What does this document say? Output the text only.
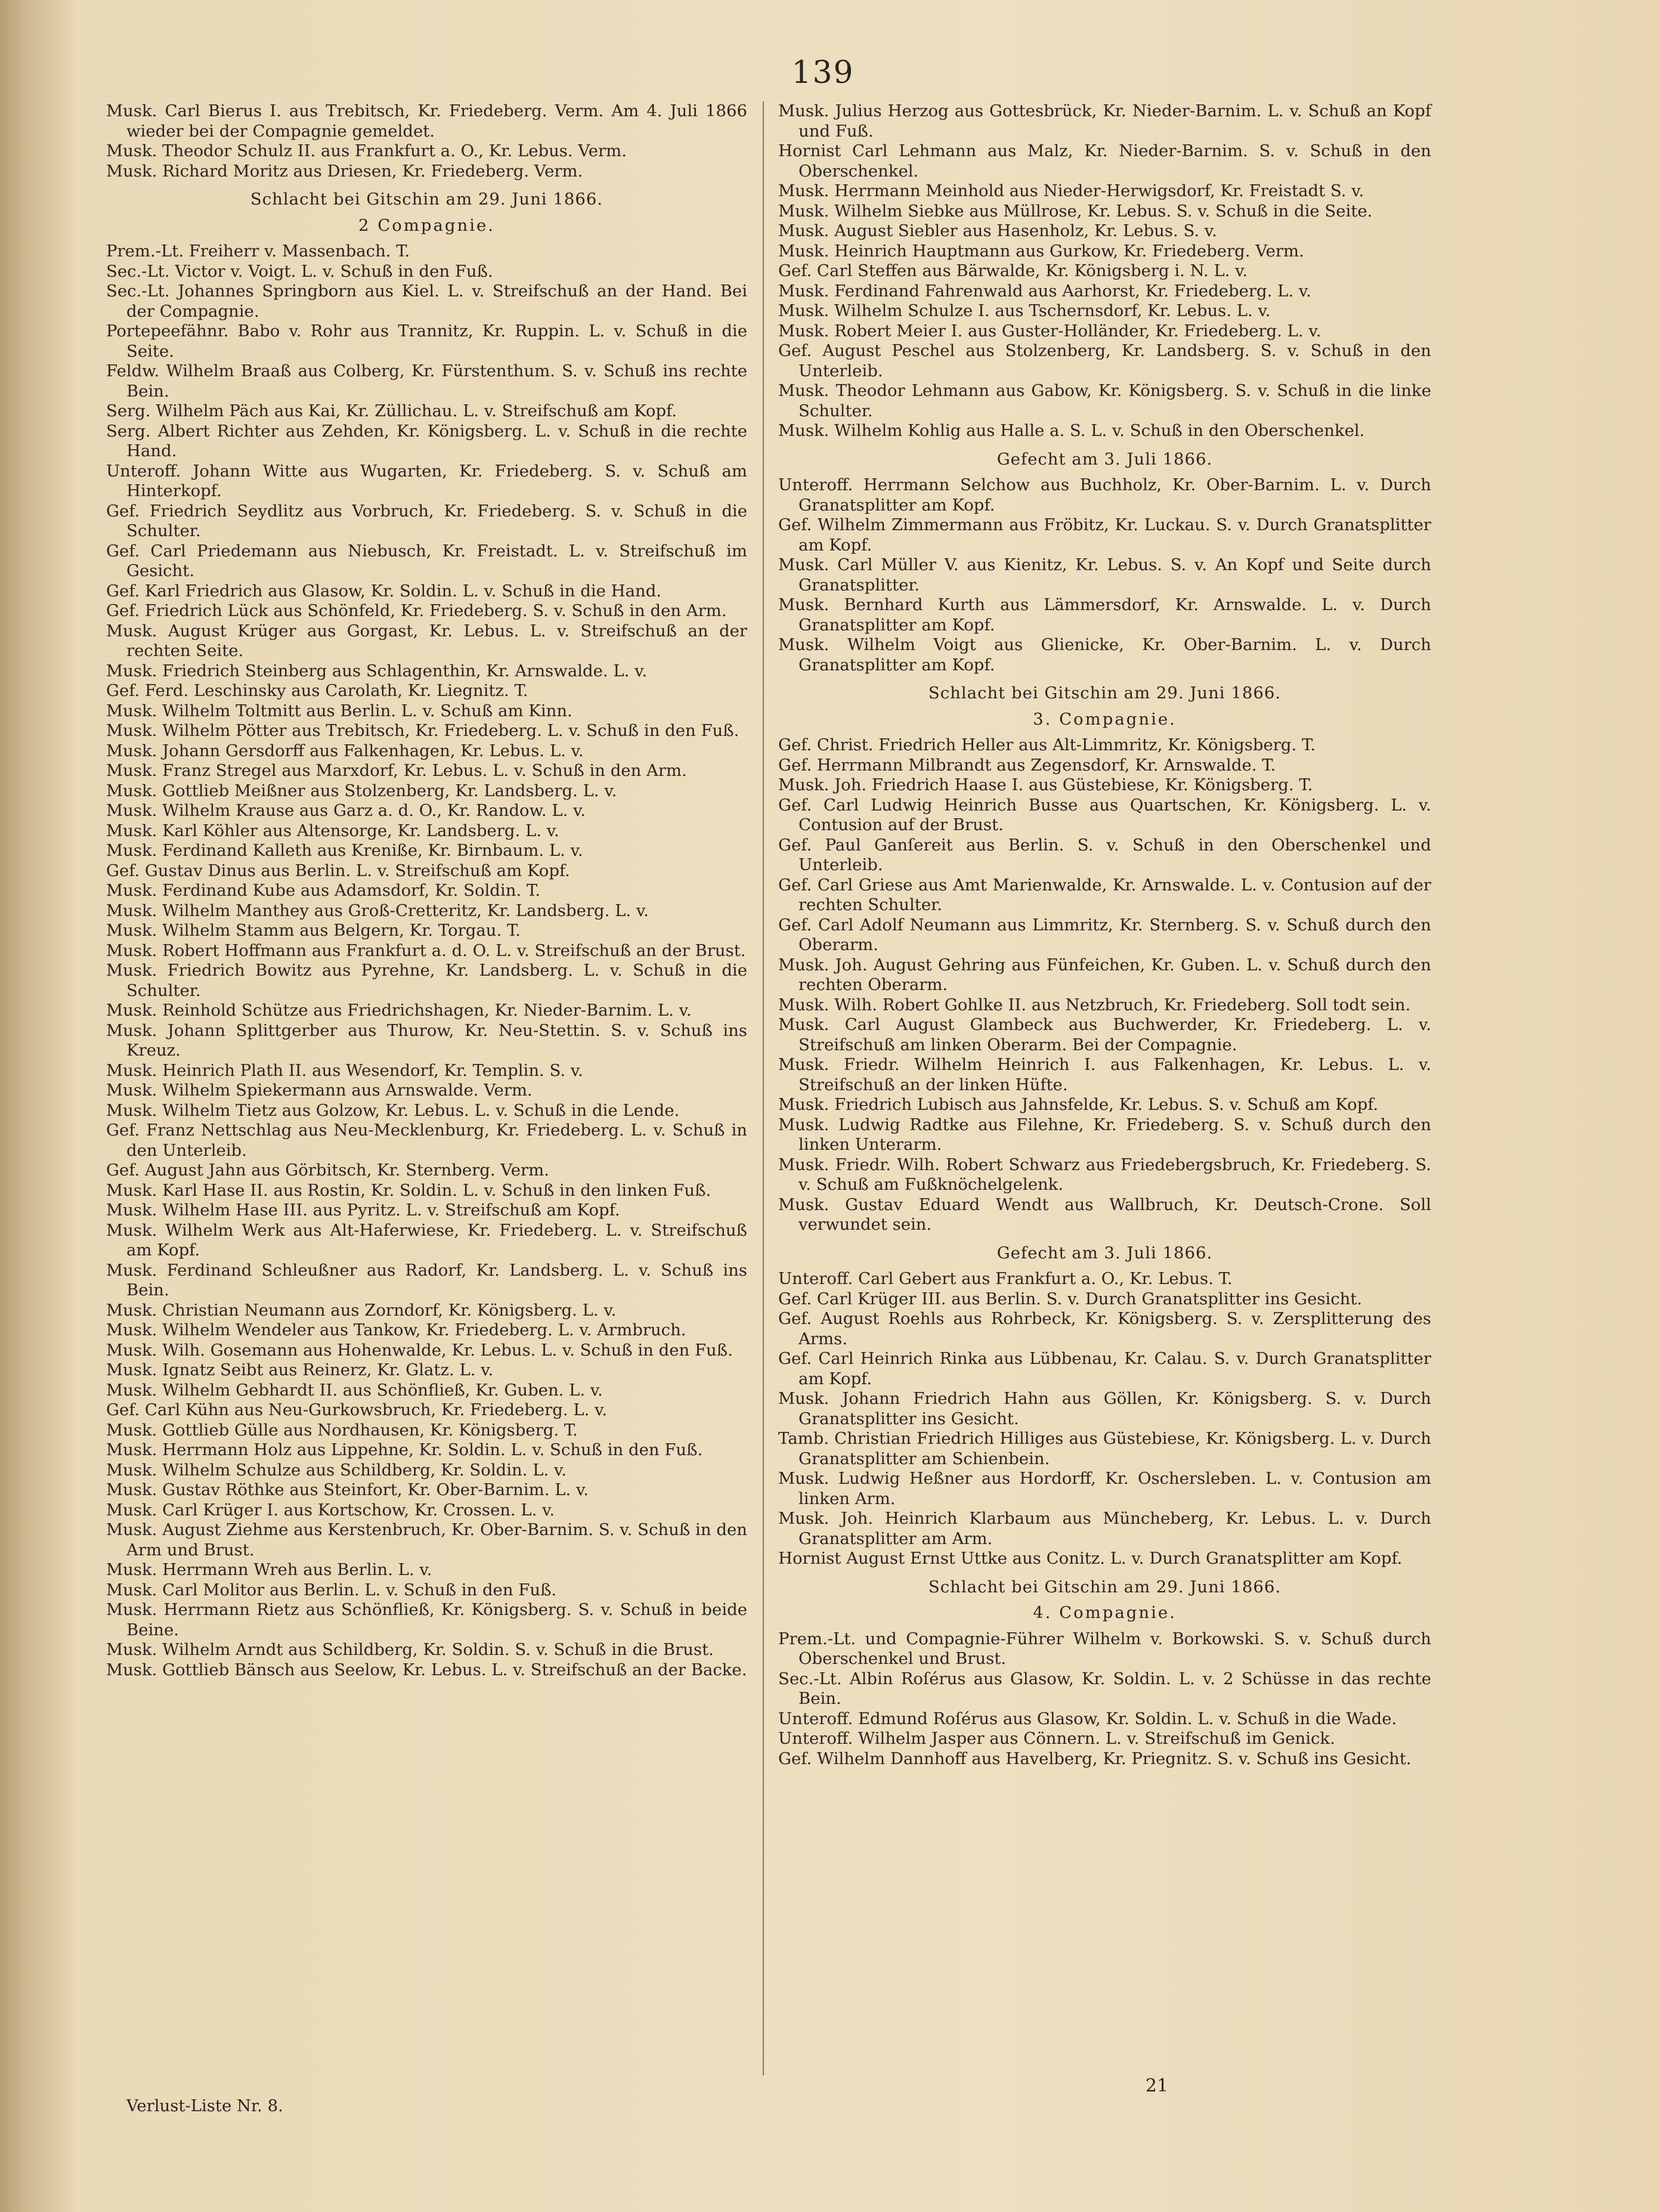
139

Musk. Carl Bierus I. aus Trebitsch, Kr. Friedeberg. Verm. Am 4. Juli 1866 wieder bei der Compagnie gemeldet.

Musk. Theodor Schulz II. aus Frankfurt a. O., Kr. Lebus. Verm.

Musk. Richard Moritz aus Driesen, Kr. Friedeberg. Verm.

Schlacht bei Gitschin am 29. Juni 1866.

2 Compagnie.

Prem.-Lt. Freiherr v. Massenbach. T.

Sec.-Lt. Victor v. Voigt. L. v. Schuß in den Fuß.

Sec.-Lt. Johannes Springborn aus Kiel. L. v. Streifschuß an der Hand. Bei der Compagnie.

Portepeefähnr. Babo v. Rohr aus Trannitz, Kr. Ruppin. L. v. Schuß in die Seite.

Feldw. Wilhelm Braaß aus Colberg, Kr. Fürstenthum. S. v. Schuß ins rechte Bein.

Serg. Wilhelm Päch aus Kai, Kr. Züllichau. L. v. Streifschuß am Kopf.

Serg. Albert Richter aus Zehden, Kr. Königsberg. L. v. Schuß in die rechte Hand.

Unteroff. Johann Witte aus Wugarten, Kr. Friedeberg. S. v. Schuß am Hinterkopf.

Gef. Friedrich Seydlitz aus Vorbruch, Kr. Friedeberg. S. v. Schuß in die Schulter.

Gef. Carl Priedemann aus Niebusch, Kr. Freistadt. L. v. Streifschuß im Gesicht.

Gef. Karl Friedrich aus Glasow, Kr. Soldin. L. v. Schuß in die Hand.

Gef. Friedrich Lück aus Schönfeld, Kr. Friedeberg. S. v. Schuß in den Arm.

Musk. August Krüger aus Gorgast, Kr. Lebus. L. v. Streifschuß an der rechten Seite.

Musk. Friedrich Steinberg aus Schlagenthin, Kr. Arnswalde. L. v.

Gef. Ferd. Leschinsky aus Carolath, Kr. Liegnitz. T.

Musk. Wilhelm Toltmitt aus Berlin. L. v. Schuß am Kinn.

Musk. Wilhelm Pötter aus Trebitsch, Kr. Friedeberg. L. v. Schuß in den Fuß.

Musk. Johann Gersdorff aus Falkenhagen, Kr. Lebus. L. v.

Musk. Franz Stregel aus Marxdorf, Kr. Lebus. L. v. Schuß in den Arm.

Musk. Gottlieb Meißner aus Stolzenberg, Kr. Landsberg. L. v.

Musk. Wilhelm Krause aus Garz a. d. O., Kr. Randow. L. v.

Musk. Karl Köhler aus Altensorge, Kr. Landsberg. L. v.

Musk. Ferdinand Kalleth aus Kreniße, Kr. Birnbaum. L. v.

Gef. Gustav Dinus aus Berlin. L. v. Streifschuß am Kopf.

Musk. Ferdinand Kube aus Adamsdorf, Kr. Soldin. T.

Musk. Wilhelm Manthey aus Groß-Cretteritz, Kr. Landsberg. L. v.

Musk. Wilhelm Stamm aus Belgern, Kr. Torgau. T.

Musk. Robert Hoffmann aus Frankfurt a. d. O. L. v. Streifschuß an der Brust.

Musk. Friedrich Bowitz aus Pyrehne, Kr. Landsberg. L. v. Schuß in die Schulter.

Musk. Reinhold Schütze aus Friedrichshagen, Kr. Nieder-Barnim. L. v.

Musk. Johann Splittgerber aus Thurow, Kr. Neu-Stettin. S. v. Schuß ins Kreuz.

Musk. Heinrich Plath II. aus Wesendorf, Kr. Templin. S. v.

Musk. Wilhelm Spiekermann aus Arnswalde. Verm.

Musk. Wilhelm Tietz aus Golzow, Kr. Lebus. L. v. Schuß in die Lende.

Gef. Franz Nettschlag aus Neu-Mecklenburg, Kr. Friedeberg. L. v. Schuß in den Unterleib.

Gef. August Jahn aus Görbitsch, Kr. Sternberg. Verm.

Musk. Karl Hase II. aus Rostin, Kr. Soldin. L. v. Schuß in den linken Fuß.

Musk. Wilhelm Hase III. aus Pyritz. L. v. Streifschuß am Kopf.

Musk. Wilhelm Werk aus Alt-Haferwiese, Kr. Friedeberg. L. v. Streifschuß am Kopf.

Musk. Ferdinand Schleußner aus Radorf, Kr. Landsberg. L. v. Schuß ins Bein.

Musk. Christian Neumann aus Zorndorf, Kr. Königsberg. L. v.

Musk. Wilhelm Wendeler aus Tankow, Kr. Friedeberg. L. v. Armbruch.

Musk. Wilh. Gosemann aus Hohenwalde, Kr. Lebus. L. v. Schuß in den Fuß.

Musk. Ignatz Seibt aus Reinerz, Kr. Glatz. L. v.

Musk. Wilhelm Gebhardt II. aus Schönfließ, Kr. Guben. L. v.

Gef. Carl Kühn aus Neu-Gurkowsbruch, Kr. Friedeberg. L. v.

Musk. Gottlieb Gülle aus Nordhausen, Kr. Königsberg. T.

Musk. Herrmann Holz aus Lippehne, Kr. Soldin. L. v. Schuß in den Fuß.

Musk. Wilhelm Schulze aus Schildberg, Kr. Soldin. L. v.

Musk. Gustav Röthke aus Steinfort, Kr. Ober-Barnim. L. v.

Musk. Carl Krüger I. aus Kortschow, Kr. Crossen. L. v.

Musk. August Ziehme aus Kerstenbruch, Kr. Ober-Barnim. S. v. Schuß in den Arm und Brust.

Musk. Herrmann Wreh aus Berlin. L. v.

Musk. Carl Molitor aus Berlin. L. v. Schuß in den Fuß.

Musk. Herrmann Rietz aus Schönfließ, Kr. Königsberg. S. v. Schuß in beide Beine.

Musk. Wilhelm Arndt aus Schildberg, Kr. Soldin. S. v. Schuß in die Brust.

Musk. Gottlieb Bänsch aus Seelow, Kr. Lebus. L. v. Streifschuß an der Backe.

Musk. Julius Herzog aus Gottesbrück, Kr. Nieder-Barnim. L. v. Schuß an Kopf und Fuß.

Hornist Carl Lehmann aus Malz, Kr. Nieder-Barnim. S. v. Schuß in den Oberschenkel.

Musk. Herrmann Meinhold aus Nieder-Herwigsdorf, Kr. Freistadt S. v.

Musk. Wilhelm Siebke aus Müllrose, Kr. Lebus. S. v. Schuß in die Seite.

Musk. August Siebler aus Hasenholz, Kr. Lebus. S. v.

Musk. Heinrich Hauptmann aus Gurkow, Kr. Friedeberg. Verm.

Gef. Carl Steffen aus Bärwalde, Kr. Königsberg i. N. L. v.

Musk. Ferdinand Fahrenwald aus Aarhorst, Kr. Friedeberg. L. v.

Musk. Wilhelm Schulze I. aus Tschernsdorf, Kr. Lebus. L. v.

Musk. Robert Meier I. aus Guster-Holländer, Kr. Friedeberg. L. v.

Gef. August Peschel aus Stolzenberg, Kr. Landsberg. S. v. Schuß in den Unterleib.

Musk. Theodor Lehmann aus Gabow, Kr. Königsberg. S. v. Schuß in die linke Schulter.

Musk. Wilhelm Kohlig aus Halle a. S. L. v. Schuß in den Oberschenkel.

Gefecht am 3. Juli 1866.

Unteroff. Herrmann Selchow aus Buchholz, Kr. Ober-Barnim. L. v. Durch Granatsplitter am Kopf.

Gef. Wilhelm Zimmermann aus Fröbitz, Kr. Luckau. S. v. Durch Granatsplitter am Kopf.

Musk. Carl Müller V. aus Kienitz, Kr. Lebus. S. v. An Kopf und Seite durch Granatsplitter.

Musk. Bernhard Kurth aus Lämmersdorf, Kr. Arnswalde. L. v. Durch Granatsplitter am Kopf.

Musk. Wilhelm Voigt aus Glienicke, Kr. Ober-Barnim. L. v. Durch Granatsplitter am Kopf.

Schlacht bei Gitschin am 29. Juni 1866.

3. Compagnie.

Gef. Christ. Friedrich Heller aus Alt-Limmritz, Kr. Königsberg. T.

Gef. Herrmann Milbrandt aus Zegensdorf, Kr. Arnswalde. T.

Musk. Joh. Friedrich Haase I. aus Güstebiese, Kr. Königsberg. T.

Gef. Carl Ludwig Heinrich Busse aus Quartschen, Kr. Königsberg. L. v. Contusion auf der Brust.

Gef. Paul Ganſereit aus Berlin. S. v. Schuß in den Oberschenkel und Unterleib.

Gef. Carl Griese aus Amt Marienwalde, Kr. Arnswalde. L. v. Contusion auf der rechten Schulter.

Gef. Carl Adolf Neumann aus Limmritz, Kr. Sternberg. S. v. Schuß durch den Oberarm.

Musk. Joh. August Gehring aus Fünfeichen, Kr. Guben. L. v. Schuß durch den rechten Oberarm.

Musk. Wilh. Robert Gohlke II. aus Netzbruch, Kr. Friedeberg. Soll todt sein.

Musk. Carl August Glambeck aus Buchwerder, Kr. Friedeberg. L. v. Streifschuß am linken Oberarm. Bei der Compagnie.

Musk. Friedr. Wilhelm Heinrich I. aus Falkenhagen, Kr. Lebus. L. v. Streifschuß an der linken Hüfte.

Musk. Friedrich Lubisch aus Jahnsfelde, Kr. Lebus. S. v. Schuß am Kopf.

Musk. Ludwig Radtke aus Filehne, Kr. Friedeberg. S. v. Schuß durch den linken Unterarm.

Musk. Friedr. Wilh. Robert Schwarz aus Friedebergsbruch, Kr. Friedeberg. S. v. Schuß am Fußknöchelgelenk.

Musk. Gustav Eduard Wendt aus Wallbruch, Kr. Deutsch-Crone. Soll verwundet sein.

Gefecht am 3. Juli 1866.

Unteroff. Carl Gebert aus Frankfurt a. O., Kr. Lebus. T.

Gef. Carl Krüger III. aus Berlin. S. v. Durch Granatsplitter ins Gesicht.

Gef. August Roehls aus Rohrbeck, Kr. Königsberg. S. v. Zersplitterung des Arms.

Gef. Carl Heinrich Rinka aus Lübbenau, Kr. Calau. S. v. Durch Granatsplitter am Kopf.

Musk. Johann Friedrich Hahn aus Göllen, Kr. Königsberg. S. v. Durch Granatsplitter ins Gesicht.

Tamb. Christian Friedrich Hilliges aus Güstebiese, Kr. Königsberg. L. v. Durch Granatsplitter am Schienbein.

Musk. Ludwig Heßner aus Hordorff, Kr. Oschersleben. L. v. Contusion am linken Arm.

Musk. Joh. Heinrich Klarbaum aus Müncheberg, Kr. Lebus. L. v. Durch Granatsplitter am Arm.

Hornist August Ernst Uttke aus Conitz. L. v. Durch Granatsplitter am Kopf.

Schlacht bei Gitschin am 29. Juni 1866.

4. Compagnie.

Prem.-Lt. und Compagnie-Führer Wilhelm v. Borkowski. S. v. Schuß durch Oberschenkel und Brust.

Sec.-Lt. Albin Roſérus aus Glasow, Kr. Soldin. L. v. 2 Schüsse in das rechte Bein.

Unteroff. Edmund Roſérus aus Glasow, Kr. Soldin. L. v. Schuß in die Wade.

Unteroff. Wilhelm Jasper aus Cönnern. L. v. Streifschuß im Genick.

Gef. Wilhelm Dannhoff aus Havelberg, Kr. Priegnitz. S. v. Schuß ins Gesicht.

Verlust-Liste Nr. 8.
21
